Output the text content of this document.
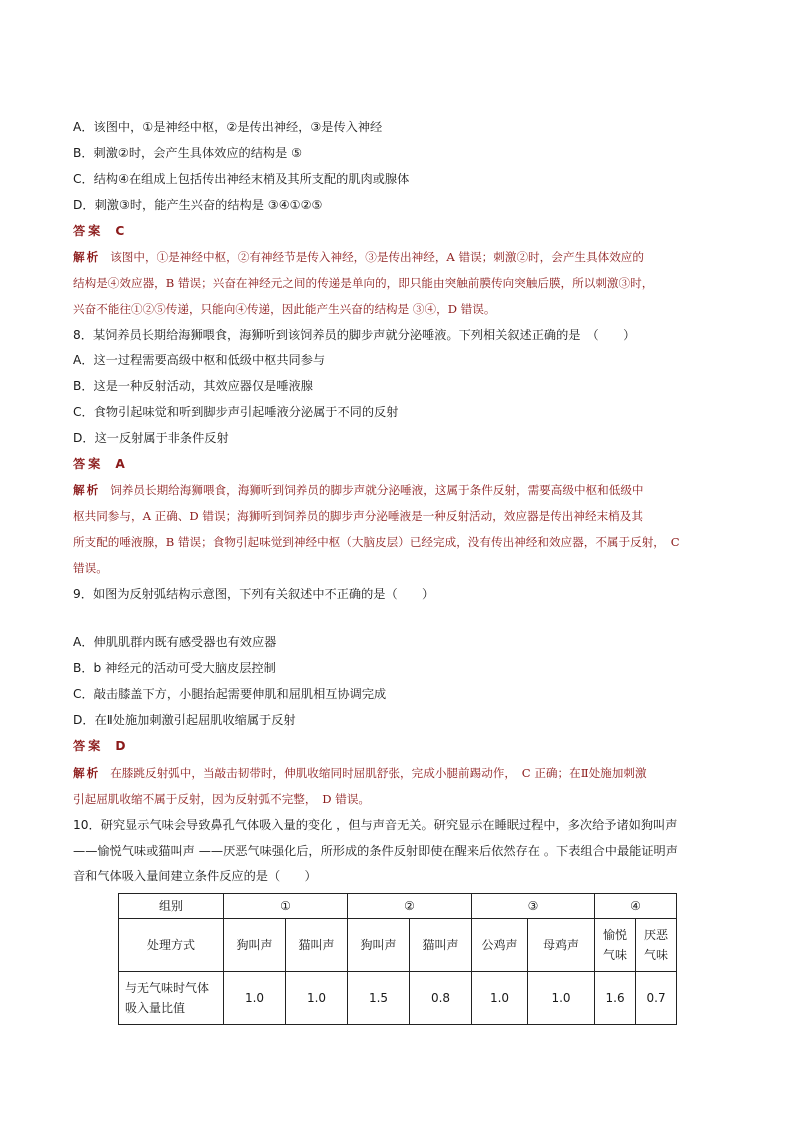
A．该图中，①是神经中枢，②是传出神经，③是传入神经
B．刺激②时，会产生具体效应的结构是 ⑤
C．结构④在组成上包括传出神经末梢及其所支配的肌肉或腺体
D．刺激③时，能产生兴奋的结构是 ③④①②⑤
答案 C
解析 该图中，①是神经中枢，②有神经节是传入神经，③是传出神经，A 错误；刺激②时，会产生具体效应的
结构是④效应器，B 错误；兴奋在神经元之间的传递是单向的，即只能由突触前膜传向突触后膜，所以刺激③时，
兴奋不能往①②⑤传递，只能向④传递，因此能产生兴奋的结构是 ③④，D 错误。
8．某饲养员长期给海狮喂食，海狮听到该饲养员的脚步声就分泌唾液。下列相关叙述正确的是　（　　）
A．这一过程需要高级中枢和低级中枢共同参与
B．这是一种反射活动，其效应器仅是唾液腺
C．食物引起味觉和听到脚步声引起唾液分泌属于不同的反射
D．这一反射属于非条件反射
答案 A
解析 饲养员长期给海狮喂食，海狮听到饲养员的脚步声就分泌唾液，这属于条件反射，需要高级中枢和低级中
枢共同参与，A 正确、D 错误；海狮听到饲养员的脚步声分泌唾液是一种反射活动，效应器是传出神经末梢及其
所支配的唾液腺，B 错误；食物引起味觉到神经中枢（大脑皮层）已经完成，没有传出神经和效应器，不属于反射，　C
错误。
9．如图为反射弧结构示意图，下列有关叙述中不正确的是（　　）
A．伸肌肌群内既有感受器也有效应器
B．b 神经元的活动可受大脑皮层控制
C．敲击膝盖下方，小腿抬起需要伸肌和屈肌相互协调完成
D．在Ⅱ处施加刺激引起屈肌收缩属于反射
答案 D
解析 在膝跳反射弧中，当敲击韧带时，伸肌收缩同时屈肌舒张，完成小腿前踢动作，　C 正确；在Ⅱ处施加刺激
引起屈肌收缩不属于反射，因为反射弧不完整，　D 错误。
10．研究显示气味会导致鼻孔气体吸入量的变化 ，但与声音无关。研究显示在睡眠过程中，多次给予诸如狗叫声
——愉悦气味或猫叫声 ——厌恶气味强化后，所形成的条件反射即使在醒来后依然存在 。下表组合中最能证明声
音和气体吸入量间建立条件反应的是（　　）
组别	①		②		③		④	
处理方式	狗叫声	猫叫声	狗叫声	猫叫声	公鸡声	母鸡声	愉悦气味	厌恶气味
与无气味时气体吸入量比值	1.0	1.0	1.5	0.8	1.0	1.0	1.6	0.7
